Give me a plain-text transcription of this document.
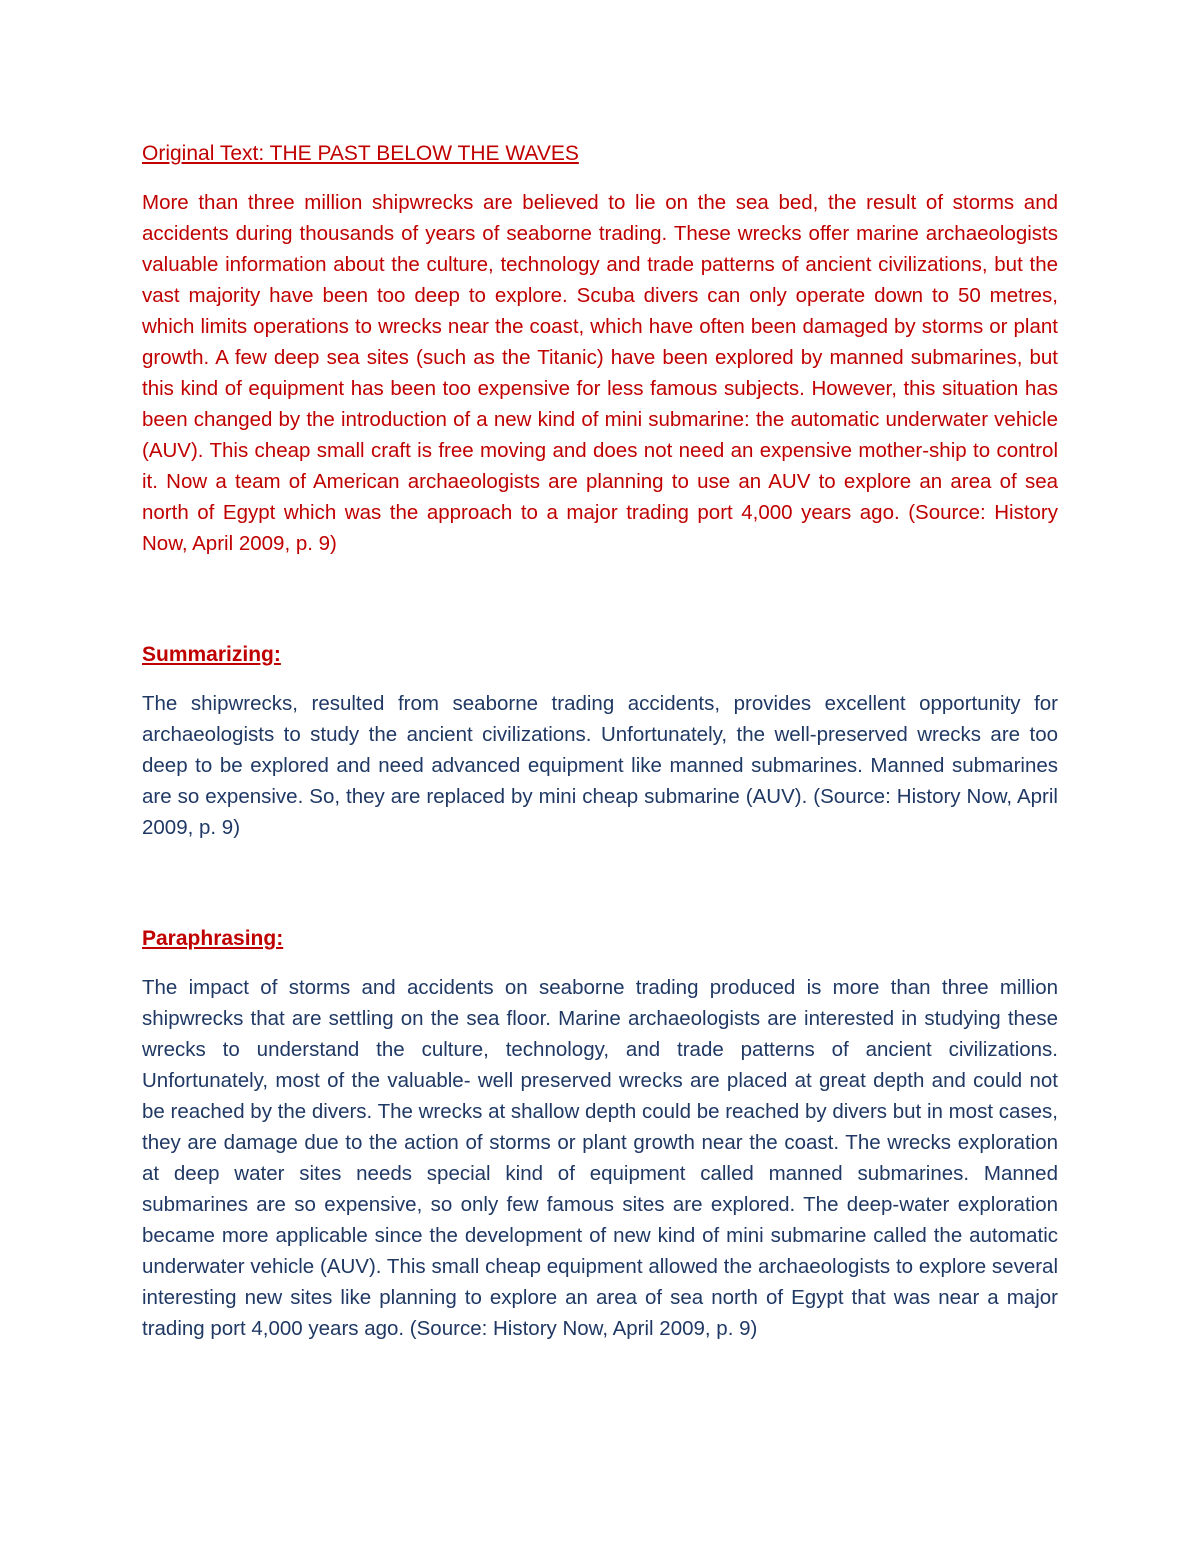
Original Text: THE PAST BELOW THE WAVES

More than three million shipwrecks are believed to lie on the sea bed, the result of storms and accidents during thousands of years of seaborne trading. These wrecks offer marine archaeologists valuable information about the culture, technology and trade patterns of ancient civilizations, but the vast majority have been too deep to explore. Scuba divers can only operate down to 50 metres, which limits operations to wrecks near the coast, which have often been damaged by storms or plant growth. A few deep sea sites (such as the Titanic) have been explored by manned submarines, but this kind of equipment has been too expensive for less famous subjects. However, this situation has been changed by the introduction of a new kind of mini submarine: the automatic underwater vehicle (AUV). This cheap small craft is free moving and does not need an expensive mother-ship to control it. Now a team of American archaeologists are planning to use an AUV to explore an area of sea north of Egypt which was the approach to a major trading port 4,000 years ago. (Source: History Now, April 2009, p. 9)

Summarizing:

The shipwrecks, resulted from seaborne trading accidents, provides excellent opportunity for archaeologists to study the ancient civilizations. Unfortunately, the well-preserved wrecks are too deep to be explored and need advanced equipment like manned submarines. Manned submarines are so expensive. So, they are replaced by mini cheap submarine (AUV). (Source: History Now, April 2009, p. 9)

Paraphrasing:

The impact of storms and accidents on seaborne trading produced is more than three million shipwrecks that are settling on the sea floor. Marine archaeologists are interested in studying these wrecks to understand the culture, technology, and trade patterns of ancient civilizations. Unfortunately, most of the valuable- well preserved wrecks are placed at great depth and could not be reached by the divers. The wrecks at shallow depth could be reached by divers but in most cases, they are damage due to the action of storms or plant growth near the coast. The wrecks exploration at deep water sites needs special kind of equipment called manned submarines. Manned submarines are so expensive, so only few famous sites are explored. The deep-water exploration became more applicable since the development of new kind of mini submarine called the automatic underwater vehicle (AUV). This small cheap equipment allowed the archaeologists to explore several interesting new sites like planning to explore an area of sea north of Egypt that was near a major trading port 4,000 years ago. (Source: History Now, April 2009, p. 9)
